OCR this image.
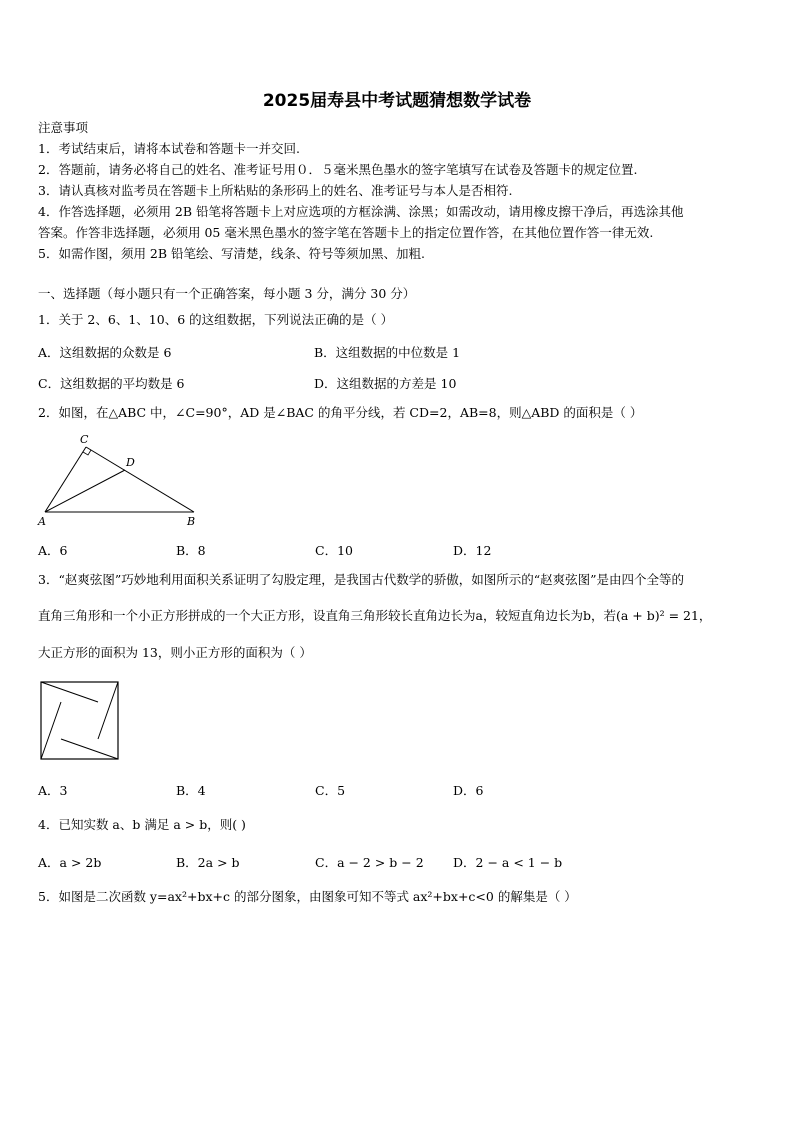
2025届寿县中考试题猜想数学试卷
注意事项
1．考试结束后，请将本试卷和答题卡一并交回.
2．答题前，请务必将自己的姓名、准考证号用０．５毫米黑色墨水的签字笔填写在试卷及答题卡的规定位置.
3．请认真核对监考员在答题卡上所粘贴的条形码上的姓名、准考证号与本人是否相符.
4．作答选择题，必须用 2B 铅笔将答题卡上对应选项的方框涂满、涂黑；如需改动，请用橡皮擦干净后，再选涂其他
答案。作答非选择题，必须用 05 毫米黑色墨水的签字笔在答题卡上的指定位置作答，在其他位置作答一律无效.
5．如需作图，须用 2B 铅笔绘、写清楚，线条、符号等须加黑、加粗.
一、选择题（每小题只有一个正确答案，每小题 3 分，满分 30 分）
1．关于 2、6、1、10、6 的这组数据，下列说法正确的是（ ）
A．这组数据的众数是 6	B．这组数据的中位数是 1
C．这组数据的平均数是 6	D．这组数据的方差是 10
2．如图，在△ABC 中，∠C=90°，AD 是∠BAC 的角平分线，若 CD=2，AB=8，则△ABD 的面积是（ ）
C
D
A	B
A．6	B．8	C．10	D．12
3．“赵爽弦图”巧妙地利用面积关系证明了勾股定理，是我国古代数学的骄傲，如图所示的“赵爽弦图”是由四个全等的
直角三角形和一个小正方形拼成的一个大正方形，设直角三角形较长直角边长为a，较短直角边长为b，若(a + b)² = 21，
大正方形的面积为 13，则小正方形的面积为（ ）
A．3	B．4	C．5	D．6
4．已知实数 a、b 满足 a > b，则( )
A．a > 2b	B．2a > b	C．a − 2 > b − 2 D．2 − a < 1 − b
5．如图是二次函数 y=ax²+bx+c 的部分图象，由图象可知不等式 ax²+bx+c<0 的解集是（ ）
